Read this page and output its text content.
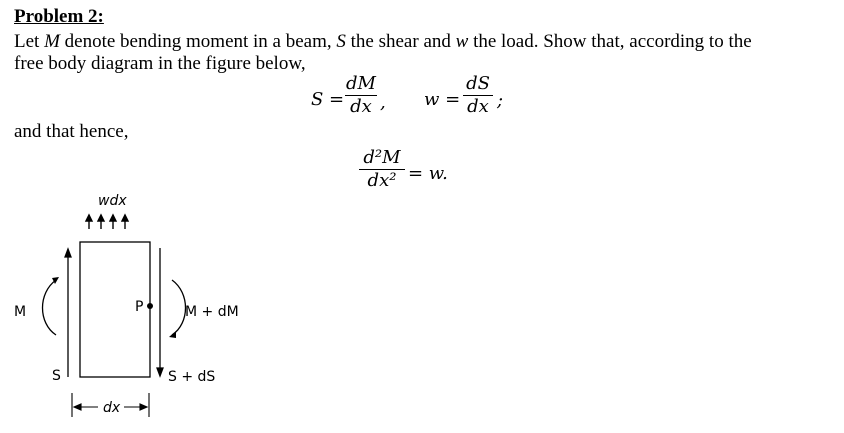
Problem 2:
Let M denote bending moment in a beam, S the shear and w the load. Show that, according to the
free body diagram in the figure below,
S =
dM
dx , w =
dS
dx ;
and that hence,
d²M
dx² = w.
wdx
M	P	M + dM
S	S + dS
dx
